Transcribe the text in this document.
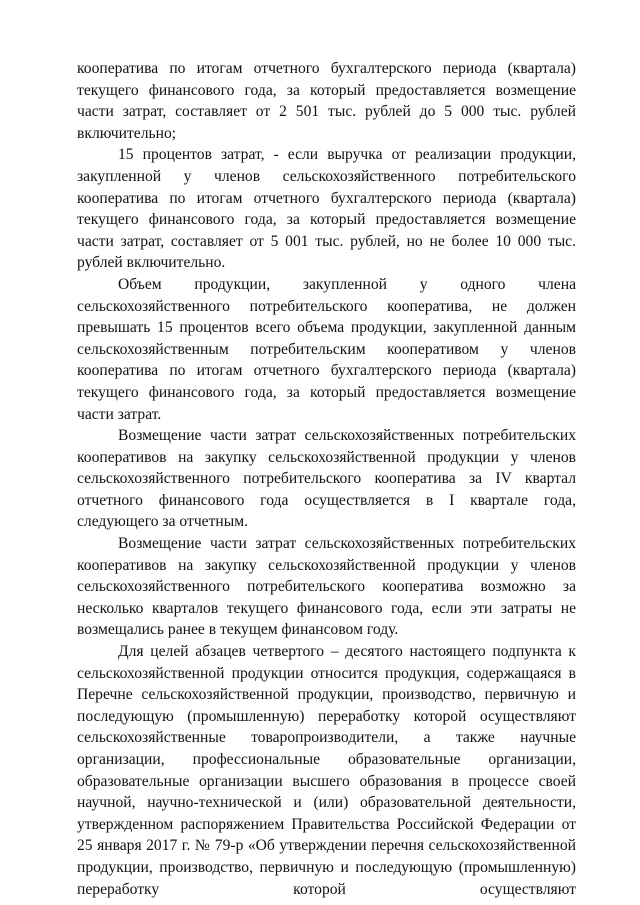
кооператива по итогам отчетного бухгалтерского периода (квартала) текущего финансового года, за который предоставляется возмещение части затрат, составляет от 2 501 тыс. рублей до 5 000 тыс. рублей включительно;

15 процентов затрат, - если выручка от реализации продукции, закупленной у членов сельскохозяйственного потребительского кооператива по итогам отчетного бухгалтерского периода (квартала) текущего финансового года, за который предоставляется возмещение части затрат, составляет от 5 001 тыс. рублей, но не более 10 000 тыс. рублей включительно.

Объем продукции, закупленной у одного члена сельскохозяйственного потребительского кооператива, не должен превышать 15 процентов всего объема продукции, закупленной данным сельскохозяйственным потребительским кооперативом у членов кооператива по итогам отчетного бухгалтерского периода (квартала) текущего финансового года, за который предоставляется возмещение части затрат.

Возмещение части затрат сельскохозяйственных потребительских кооперативов на закупку сельскохозяйственной продукции у членов сельскохозяйственного потребительского кооператива за IV квартал отчетного финансового года осуществляется в I квартале года, следующего за отчетным.

Возмещение части затрат сельскохозяйственных потребительских кооперативов на закупку сельскохозяйственной продукции у членов сельскохозяйственного потребительского кооператива возможно за несколько кварталов текущего финансового года, если эти затраты не возмещались ранее в текущем финансовом году.

Для целей абзацев четвертого – десятого настоящего подпункта к сельскохозяйственной продукции относится продукция, содержащаяся в Перечне сельскохозяйственной продукции, производство, первичную и последующую (промышленную) переработку которой осуществляют сельскохозяйственные товаропроизводители, а также научные организации, профессиональные образовательные организации, образовательные организации высшего образования в процессе своей научной, научно-технической и (или) образовательной деятельности, утвержденном распоряжением Правительства Российской Федерации от 25 января 2017 г. № 79-р «Об утверждении перечня сельскохозяйственной продукции, производство, первичную и последующую (промышленную) переработку которой осуществляют
